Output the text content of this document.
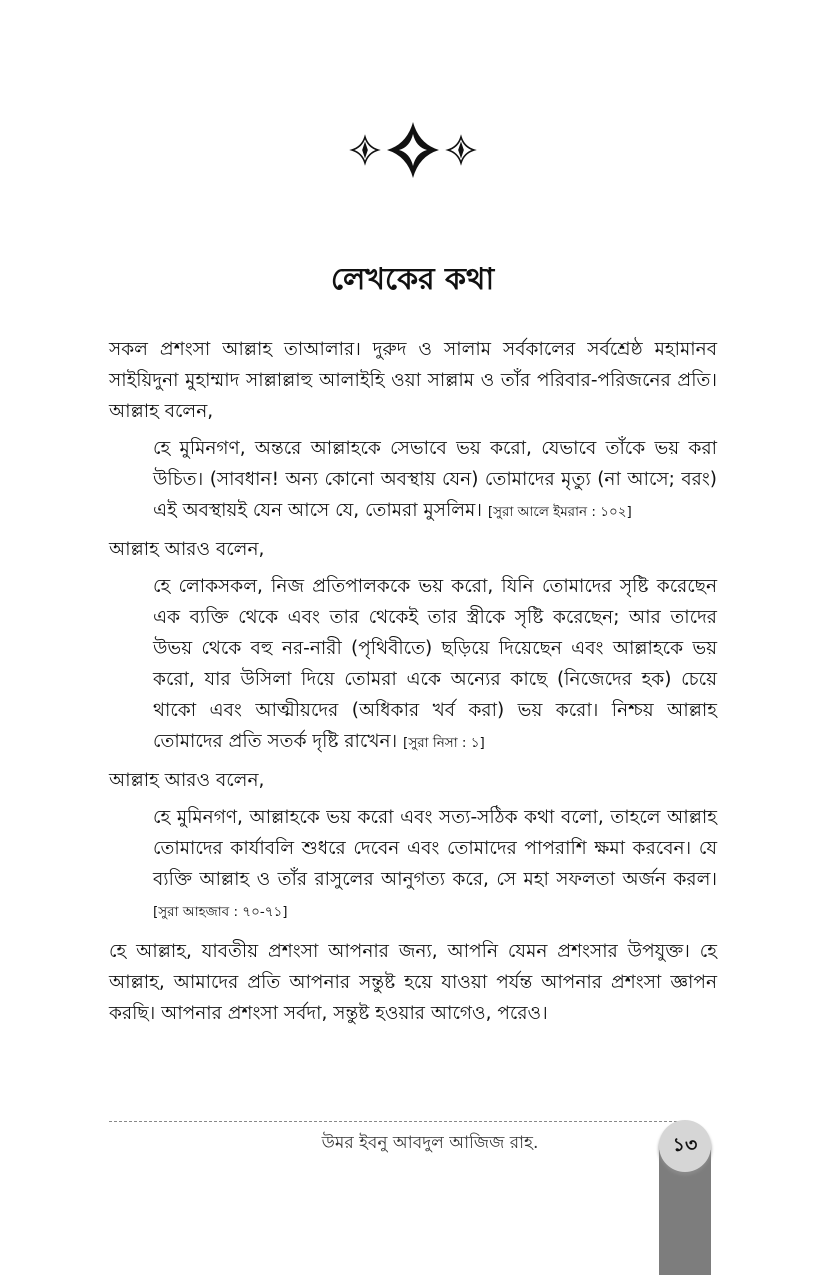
লেখকের কথা

সকল প্রশংসা আল্লাহ তাআলার। দুরুদ ও সালাম সর্বকালের সর্বশ্রেষ্ঠ মহামানব সাইয়িদুনা মুহাম্মাদ সাল্লাল্লাহু আলাইহি ওয়া সাল্লাম ও তাঁর পরিবার-পরিজনের প্রতি। আল্লাহ বলেন,

হে মুমিনগণ, অন্তরে আল্লাহকে সেভাবে ভয় করো, যেভাবে তাঁকে ভয় করা উচিত। (সাবধান! অন্য কোনো অবস্থায় যেন) তোমাদের মৃত্যু (না আসে; বরং) এই অবস্থায়ই যেন আসে যে, তোমরা মুসলিম। [সুরা আলে ইমরান : ১০২]

আল্লাহ আরও বলেন,

হে লোকসকল, নিজ প্রতিপালককে ভয় করো, যিনি তোমাদের সৃষ্টি করেছেন এক ব্যক্তি থেকে এবং তার থেকেই তার স্ত্রীকে সৃষ্টি করেছেন; আর তাদের উভয় থেকে বহু নর-নারী (পৃথিবীতে) ছড়িয়ে দিয়েছেন এবং আল্লাহকে ভয় করো, যার উসিলা দিয়ে তোমরা একে অন্যের কাছে (নিজেদের হক) চেয়ে থাকো এবং আত্মীয়দের (অধিকার খর্ব করা) ভয় করো। নিশ্চয় আল্লাহ তোমাদের প্রতি সতর্ক দৃষ্টি রাখেন। [সুরা নিসা : ১]

আল্লাহ আরও বলেন,

হে মুমিনগণ, আল্লাহকে ভয় করো এবং সত্য-সঠিক কথা বলো, তাহলে আল্লাহ তোমাদের কার্যাবলি শুধরে দেবেন এবং তোমাদের পাপরাশি ক্ষমা করবেন। যে ব্যক্তি আল্লাহ ও তাঁর রাসুলের আনুগত্য করে, সে মহা সফলতা অর্জন করল। [সুরা আহজাব : ৭০-৭১]

হে আল্লাহ, যাবতীয় প্রশংসা আপনার জন্য, আপনি যেমন প্রশংসার উপযুক্ত। হে আল্লাহ, আমাদের প্রতি আপনার সন্তুষ্ট হয়ে যাওয়া পর্যন্ত আপনার প্রশংসা জ্ঞাপন করছি। আপনার প্রশংসা সর্বদা, সন্তুষ্ট হওয়ার আগেও, পরেও।

উমর ইবনু আবদুল আজিজ রাহ.	১৩
